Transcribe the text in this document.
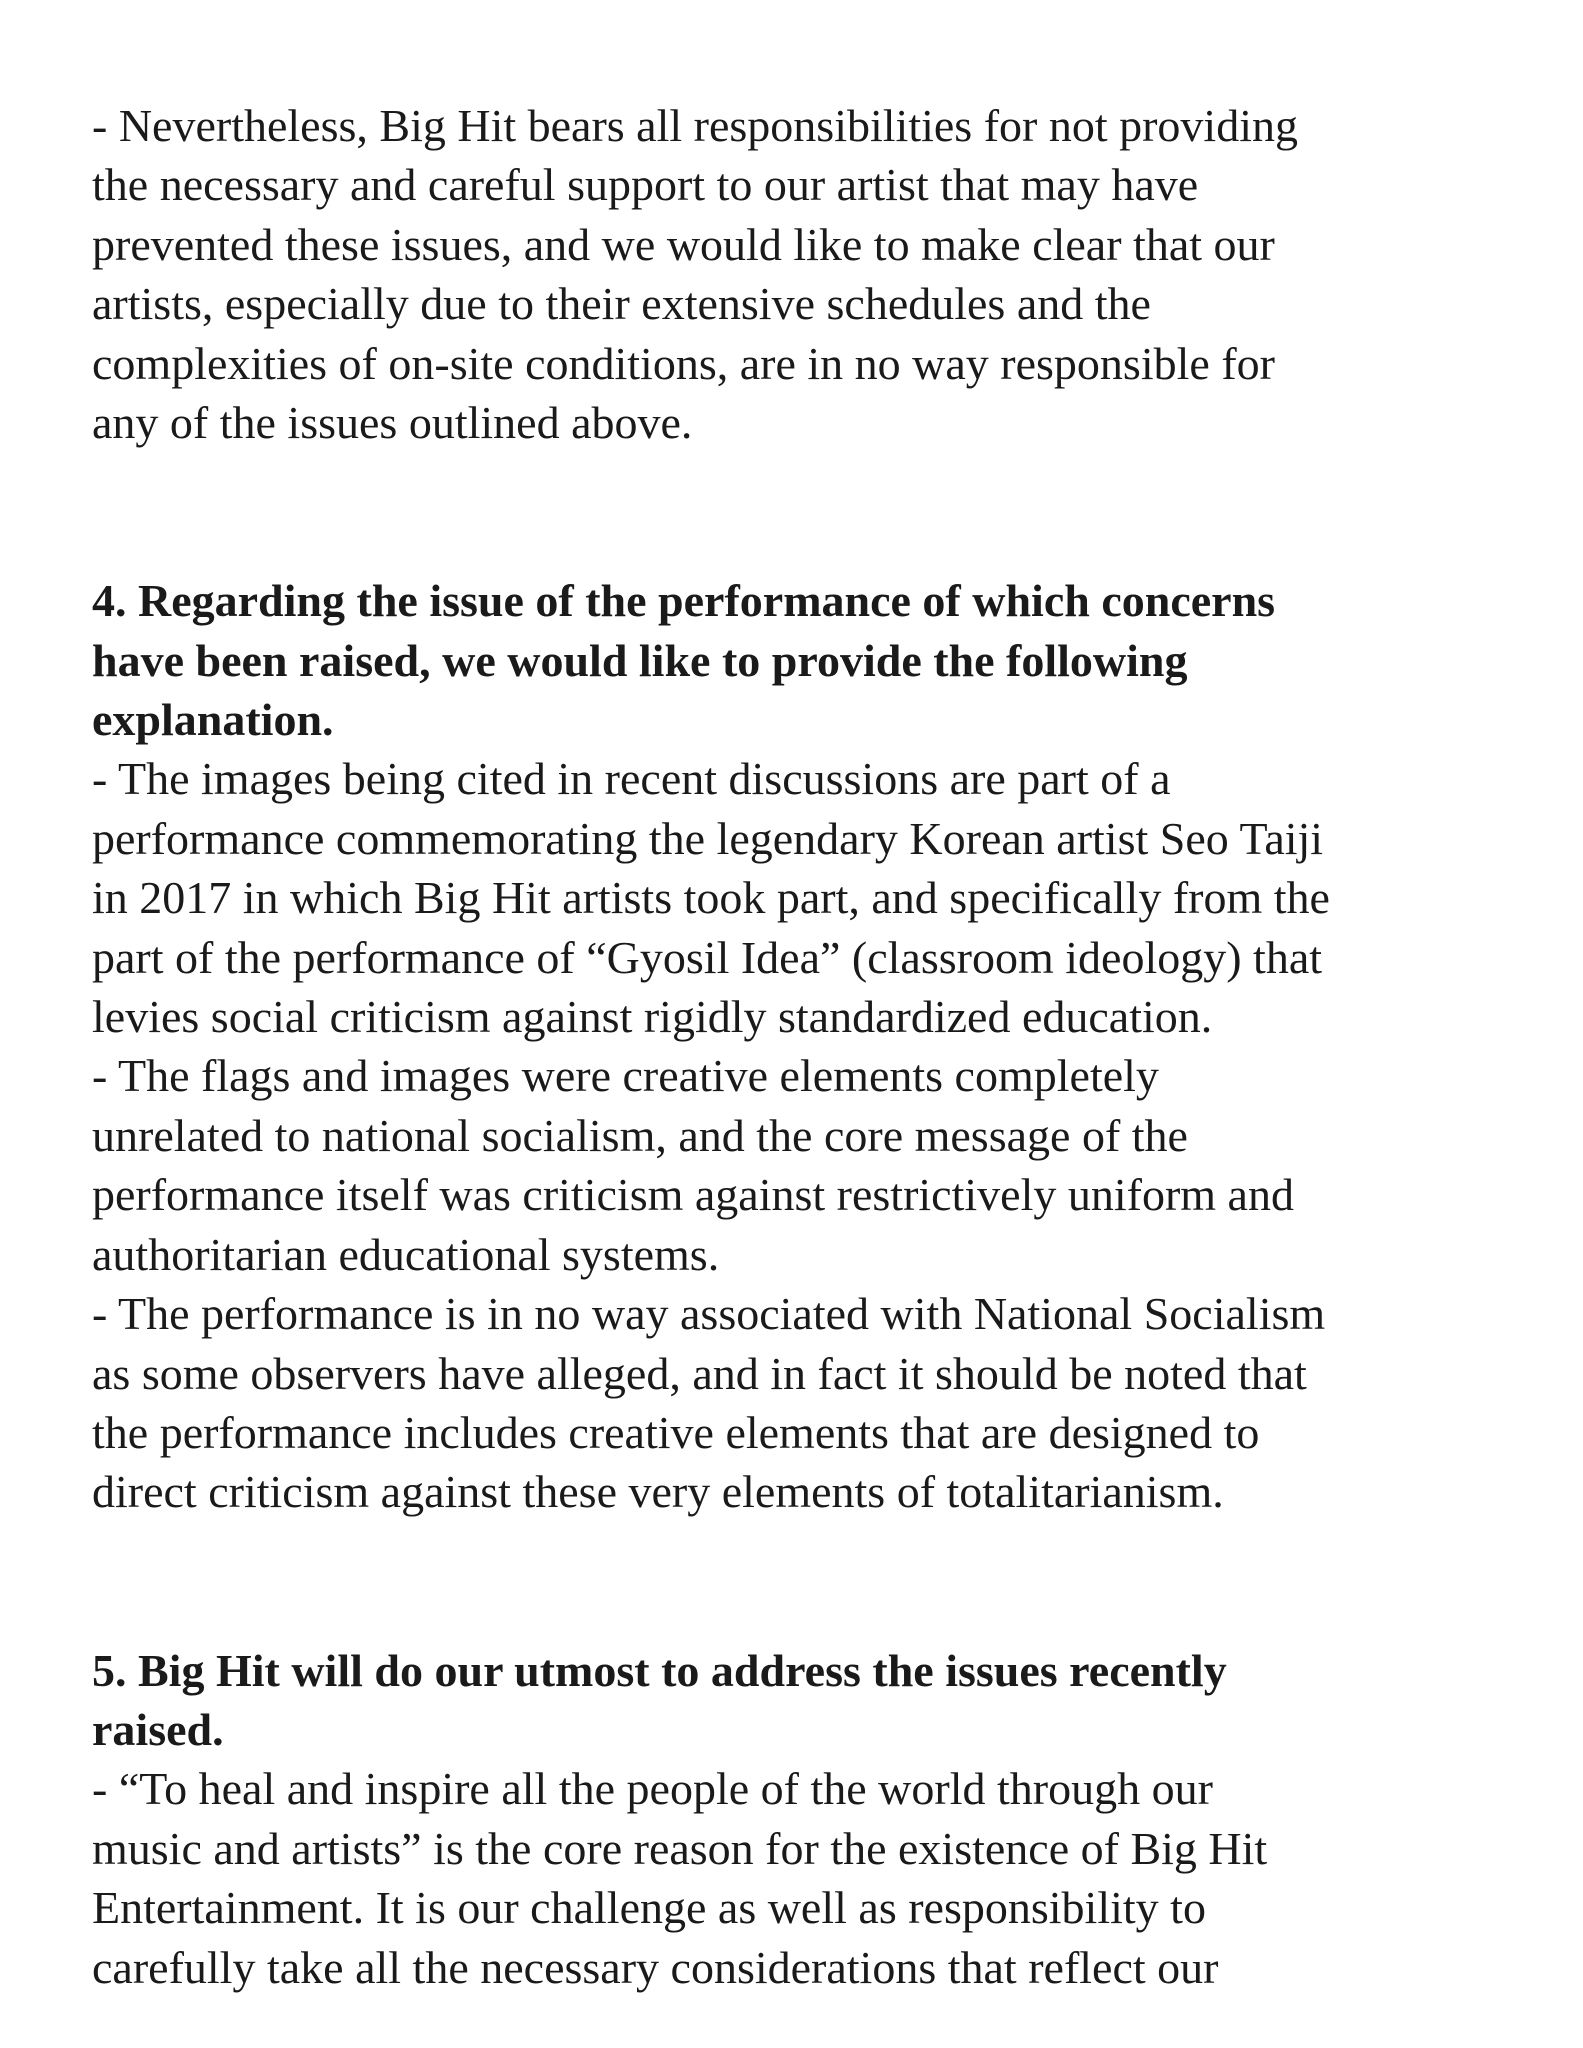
- Nevertheless, Big Hit bears all responsibilities for not providing
the necessary and careful support to our artist that may have
prevented these issues, and we would like to make clear that our
artists, especially due to their extensive schedules and the
complexities of on-site conditions, are in no way responsible for
any of the issues outlined above.
4. Regarding the issue of the performance of which concerns
have been raised, we would like to provide the following
explanation.
- The images being cited in recent discussions are part of a
performance commemorating the legendary Korean artist Seo Taiji
in 2017 in which Big Hit artists took part, and specifically from the
part of the performance of “Gyosil Idea” (classroom ideology) that
levies social criticism against rigidly standardized education.
- The flags and images were creative elements completely
unrelated to national socialism, and the core message of the
performance itself was criticism against restrictively uniform and
authoritarian educational systems.
- The performance is in no way associated with National Socialism
as some observers have alleged, and in fact it should be noted that
the performance includes creative elements that are designed to
direct criticism against these very elements of totalitarianism.
5. Big Hit will do our utmost to address the issues recently
raised.
- “To heal and inspire all the people of the world through our
music and artists” is the core reason for the existence of Big Hit
Entertainment. It is our challenge as well as responsibility to
carefully take all the necessary considerations that reflect our
